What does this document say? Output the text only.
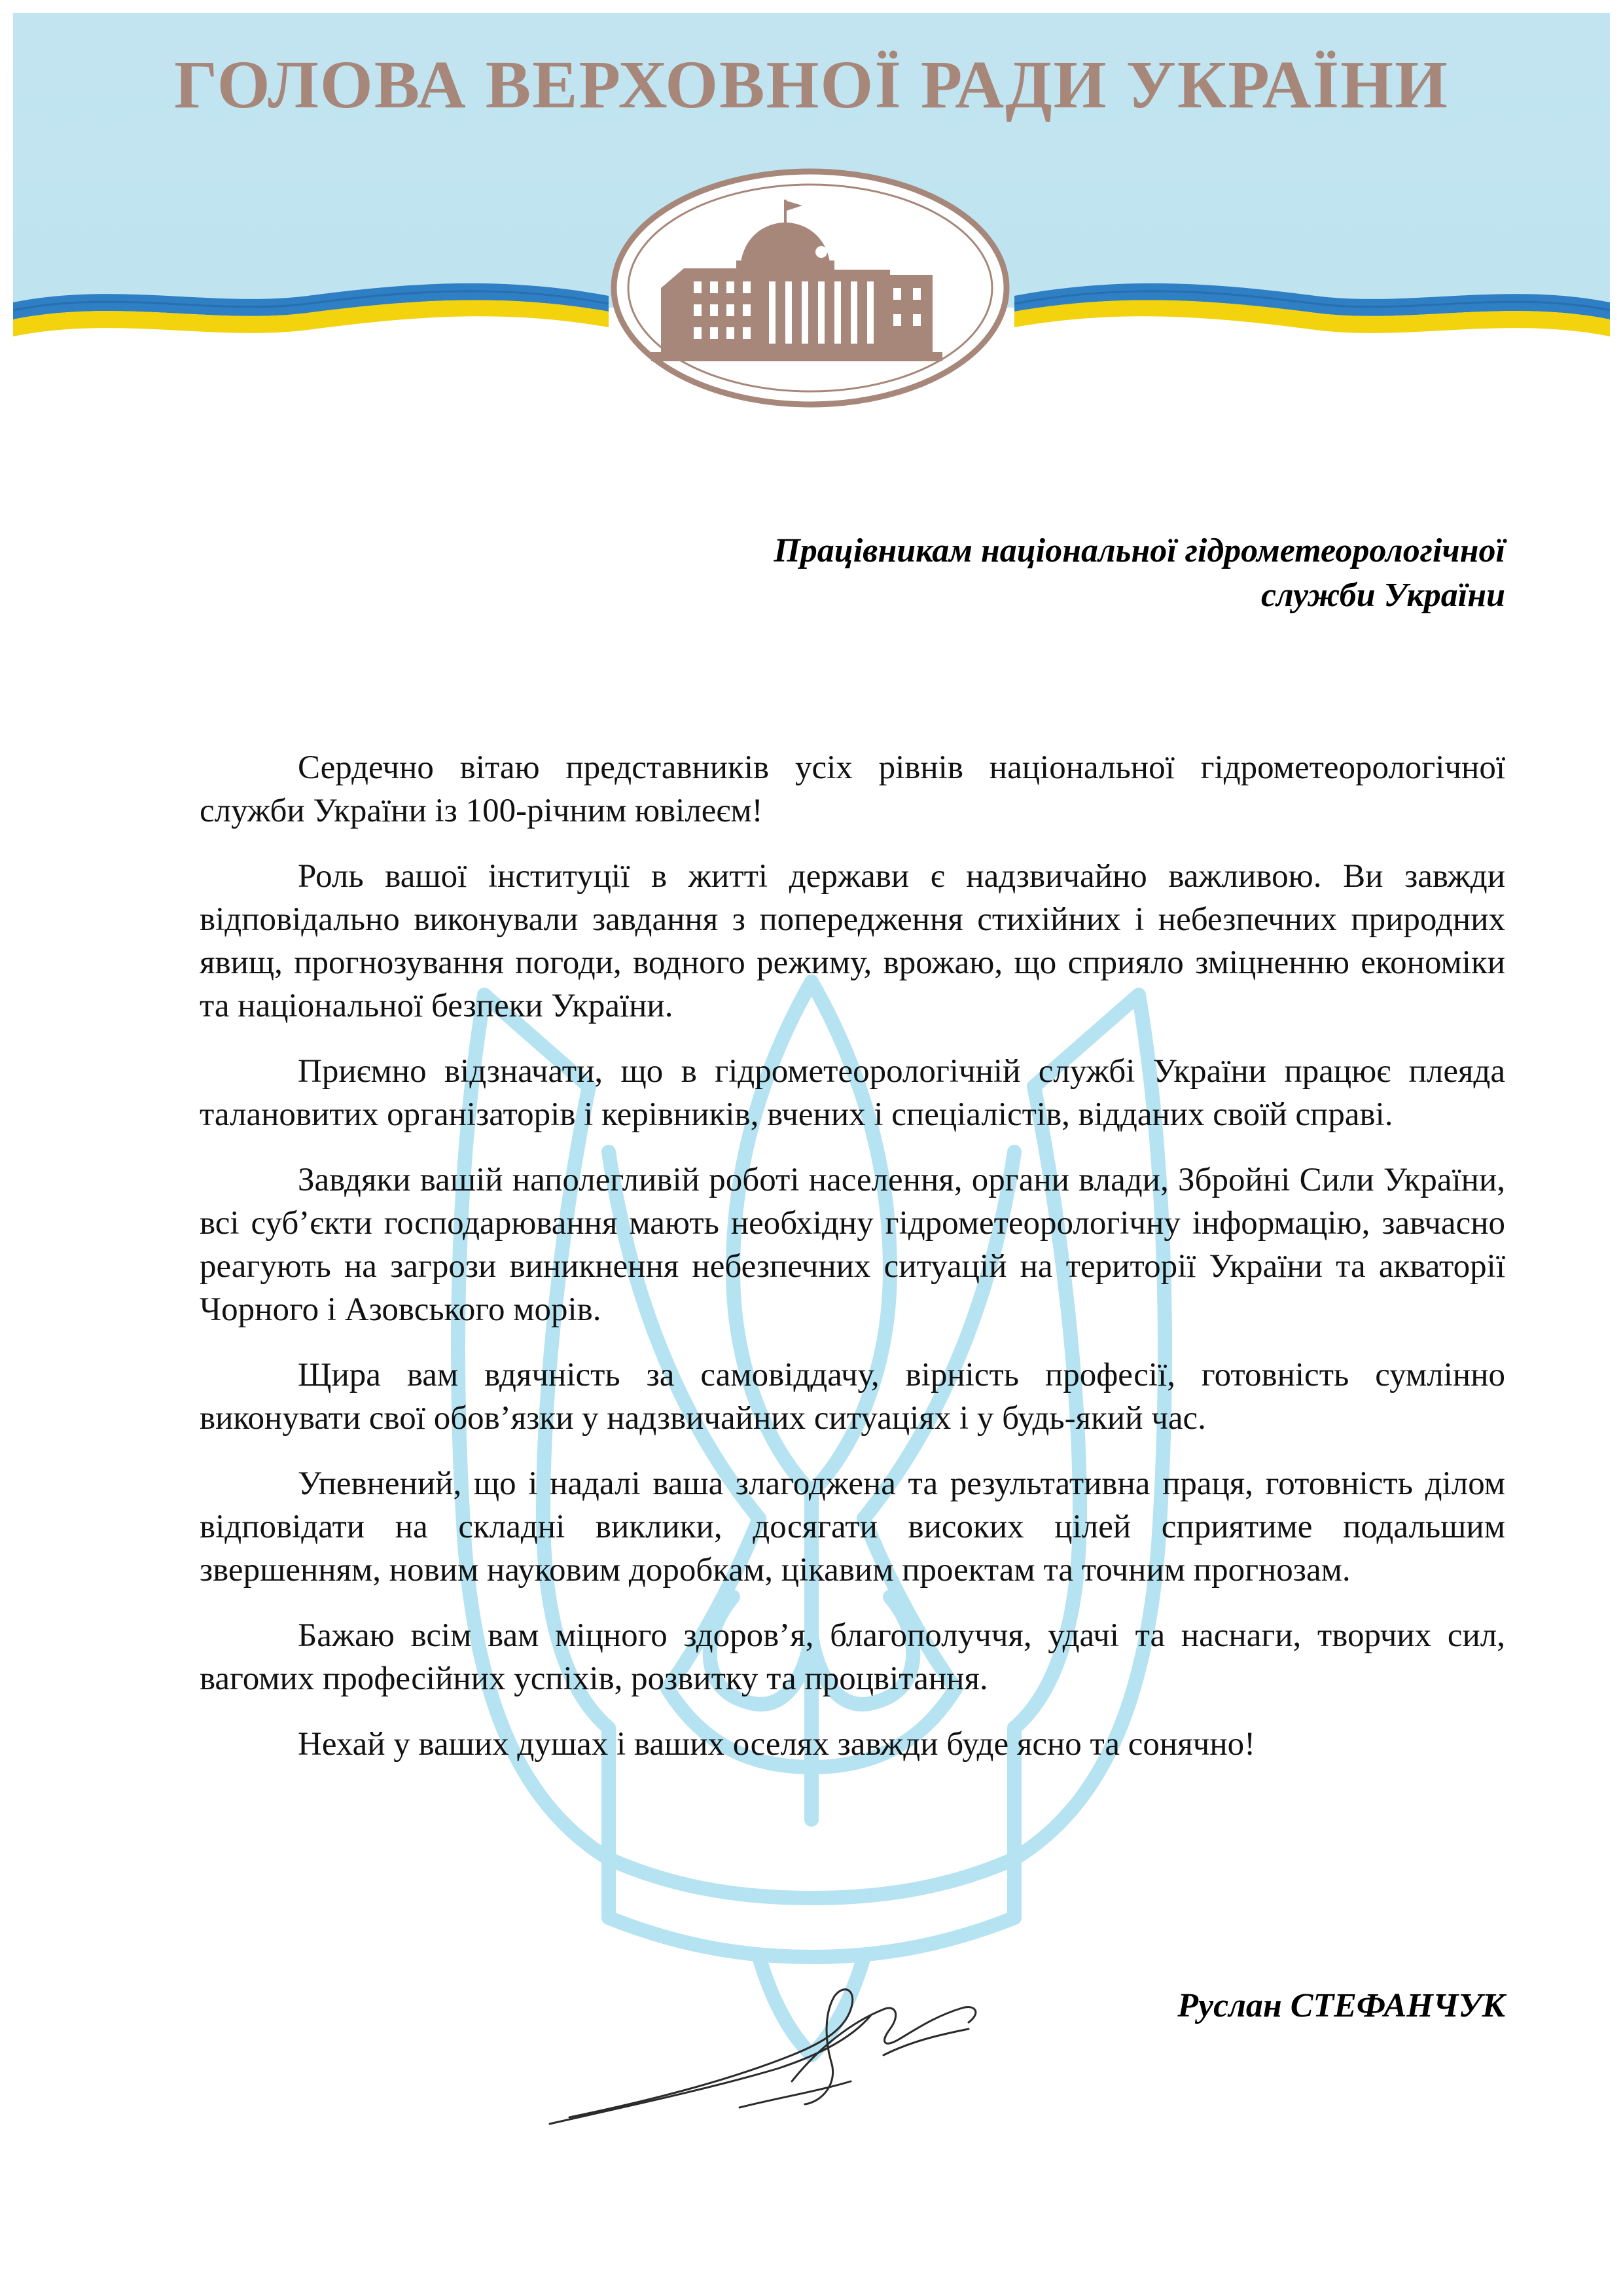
ГОЛОВА ВЕРХОВНОЇ РАДИ УКРАЇНИ
Працівникам національної гідрометеорологічної
служби України

Сердечно вітаю представників усіх рівнів національної гідрометеорологічної служби України із 100-річним ювілеєм!

Роль вашої інституції в житті держави є надзвичайно важливою. Ви завжди відповідально виконували завдання з попередження стихійних і небезпечних природних явищ, прогнозування погоди, водного режиму, врожаю, що сприяло зміцненню економіки та національної безпеки України.

Приємно відзначати, що в гідрометеорологічній службі України працює плеяда талановитих організаторів і керівників, вчених і спеціалістів, відданих своїй справі.

Завдяки вашій наполегливій роботі населення, органи влади, Збройні Сили України, всі суб’єкти господарювання мають необхідну гідрометеорологічну інформацію, завчасно реагують на загрози виникнення небезпечних ситуацій на території України та акваторії Чорного і Азовського морів.

Щира вам вдячність за самовіддачу, вірність професії, готовність сумлінно виконувати свої обов’язки у надзвичайних ситуаціях і у будь-який час.

Упевнений, що і надалі ваша злагоджена та результативна праця, готовність ділом відповідати на складні виклики, досягати високих цілей сприятиме подальшим звершенням, новим науковим доробкам, цікавим проектам та точним прогнозам.

Бажаю всім вам міцного здоров’я, благополуччя, удачі та наснаги, творчих сил, вагомих професійних успіхів, розвитку та процвітання.

Нехай у ваших душах і ваших оселях завжди буде ясно та сонячно!

Руслан СТЕФАНЧУК
